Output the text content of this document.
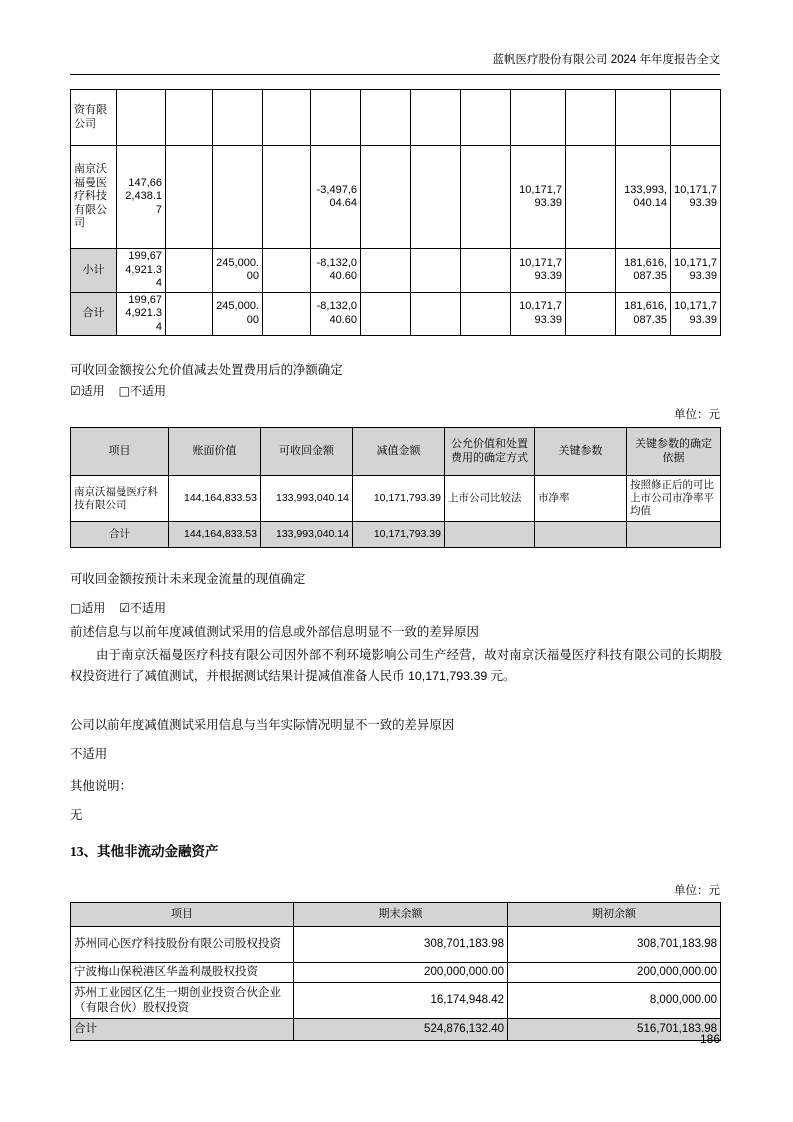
蓝帆医疗股份有限公司 2024 年年度报告全文
资有限公司												
南京沃福曼医疗科技有限公司	147,662,438.17				-3,497,604.64				10,171,793.39		133,993,040.14	10,171,793.39
小计	199,674,921.34		245,000.00		-8,132,040.60				10,171,793.39		181,616,087.35	10,171,793.39
合计	199,674,921.34		245,000.00		-8,132,040.60				10,171,793.39		181,616,087.35	10,171,793.39
可收回金额按公允价值减去处置费用后的净额确定
☑适用 □不适用
单位：元
项目	账面价值	可收回金额	减值金额	公允价值和处置费用的确定方式	关键参数	关键参数的确定依据
南京沃福曼医疗科技有限公司	144,164,833.53	133,993,040.14	10,171,793.39	上市公司比较法	市净率	按照修正后的可比上市公司市净率平均值
合计	144,164,833.53	133,993,040.14	10,171,793.39			
可收回金额按预计未来现金流量的现值确定
□适用 ☑不适用
前述信息与以前年度减值测试采用的信息或外部信息明显不一致的差异原因
由于南京沃福曼医疗科技有限公司因外部不利环境影响公司生产经营，故对南京沃福曼医疗科技有限公司的长期股权投资进行了减值测试，并根据测试结果计提减值准备人民币 10,171,793.39 元。
公司以前年度减值测试采用信息与当年实际情况明显不一致的差异原因
不适用
其他说明：
无
13、其他非流动金融资产
单位：元
项目	期末余额	期初余额
苏州同心医疗科技股份有限公司股权投资	308,701,183.98	308,701,183.98
宁波梅山保税港区华盖利晟股权投资	200,000,000.00	200,000,000.00
苏州工业园区亿生一期创业投资合伙企业（有限合伙）股权投资	16,174,948.42	8,000,000.00
合计	524,876,132.40	516,701,183.98
186
